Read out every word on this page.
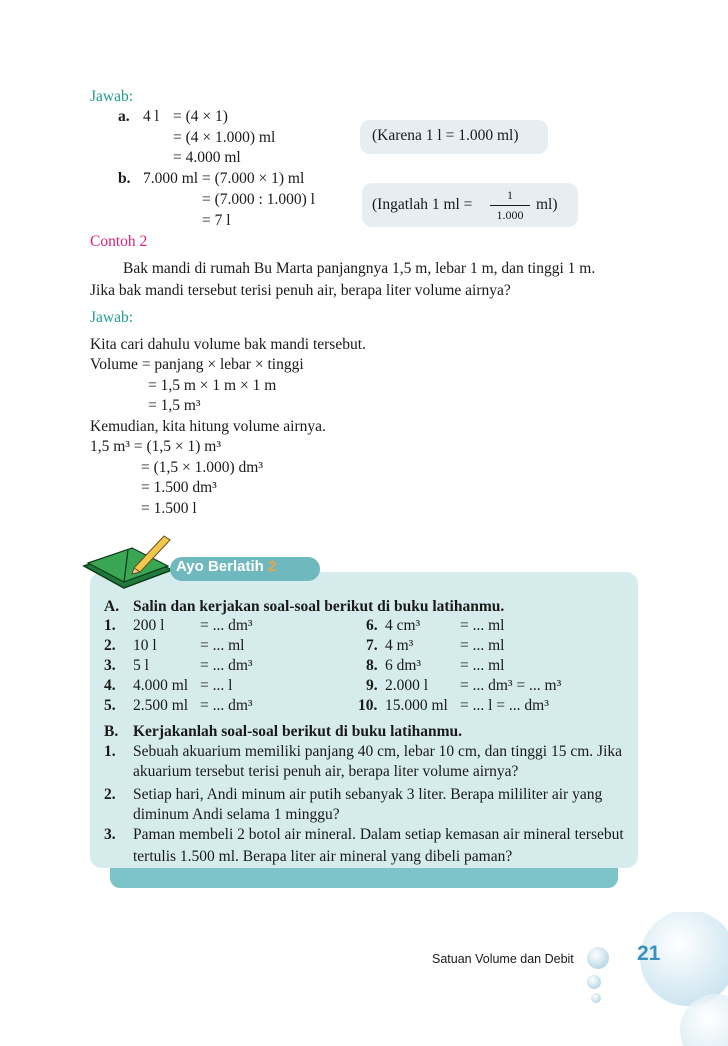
Jawab:
a. 4 l = (4 × 1)
= (4 × 1.000) ml
= 4.000 ml
(Karena 1 l = 1.000 ml)
b. 7.000 ml = (7.000 × 1) ml
= (7.000 : 1.000) l
= 7 l
(Ingatlah 1 ml =
1
1.000
ml)
Contoh 2
Bak mandi di rumah Bu Marta panjangnya 1,5 m, lebar 1 m, dan tinggi 1 m.
Jika bak mandi tersebut terisi penuh air, berapa liter volume airnya?
Jawab:
Kita cari dahulu volume bak mandi tersebut.
Volume = panjang × lebar × tinggi
= 1,5 m × 1 m × 1 m
= 1,5 m³
Kemudian, kita hitung volume airnya.
1,5 m³ = (1,5 × 1) m³
= (1,5 × 1.000) dm³
= 1.500 dm³
= 1.500 l
Ayo Berlatih 2
A. Salin dan kerjakan soal-soal berikut di buku latihanmu.
1. 200 l = ... dm³
2. 10 l	= ... ml
3. 5 l	= ... dm³
4. 4.000 ml = ... l
5. 2.500 ml = ... dm³
6. 4 cm³	= ... ml
7. 4 m³	= ... ml
8. 6 dm³	= ... ml
9. 2.000 l = ... dm³ = ... m³
10. 15.000 ml = ... l = ... dm³
B. Kerjakanlah soal-soal berikut di buku latihanmu.
1. Sebuah akuarium memiliki panjang 40 cm, lebar 10 cm, dan tinggi 15 cm. Jika
akuarium tersebut terisi penuh air, berapa liter volume airnya?
2. Setiap hari, Andi minum air putih sebanyak 3 liter. Berapa mililiter air yang
diminum Andi selama 1 minggu?
3. Paman membeli 2 botol air mineral. Dalam setiap kemasan air mineral tersebut
tertulis 1.500 ml. Berapa liter air mineral yang dibeli paman?
Satuan Volume dan Debit	21
